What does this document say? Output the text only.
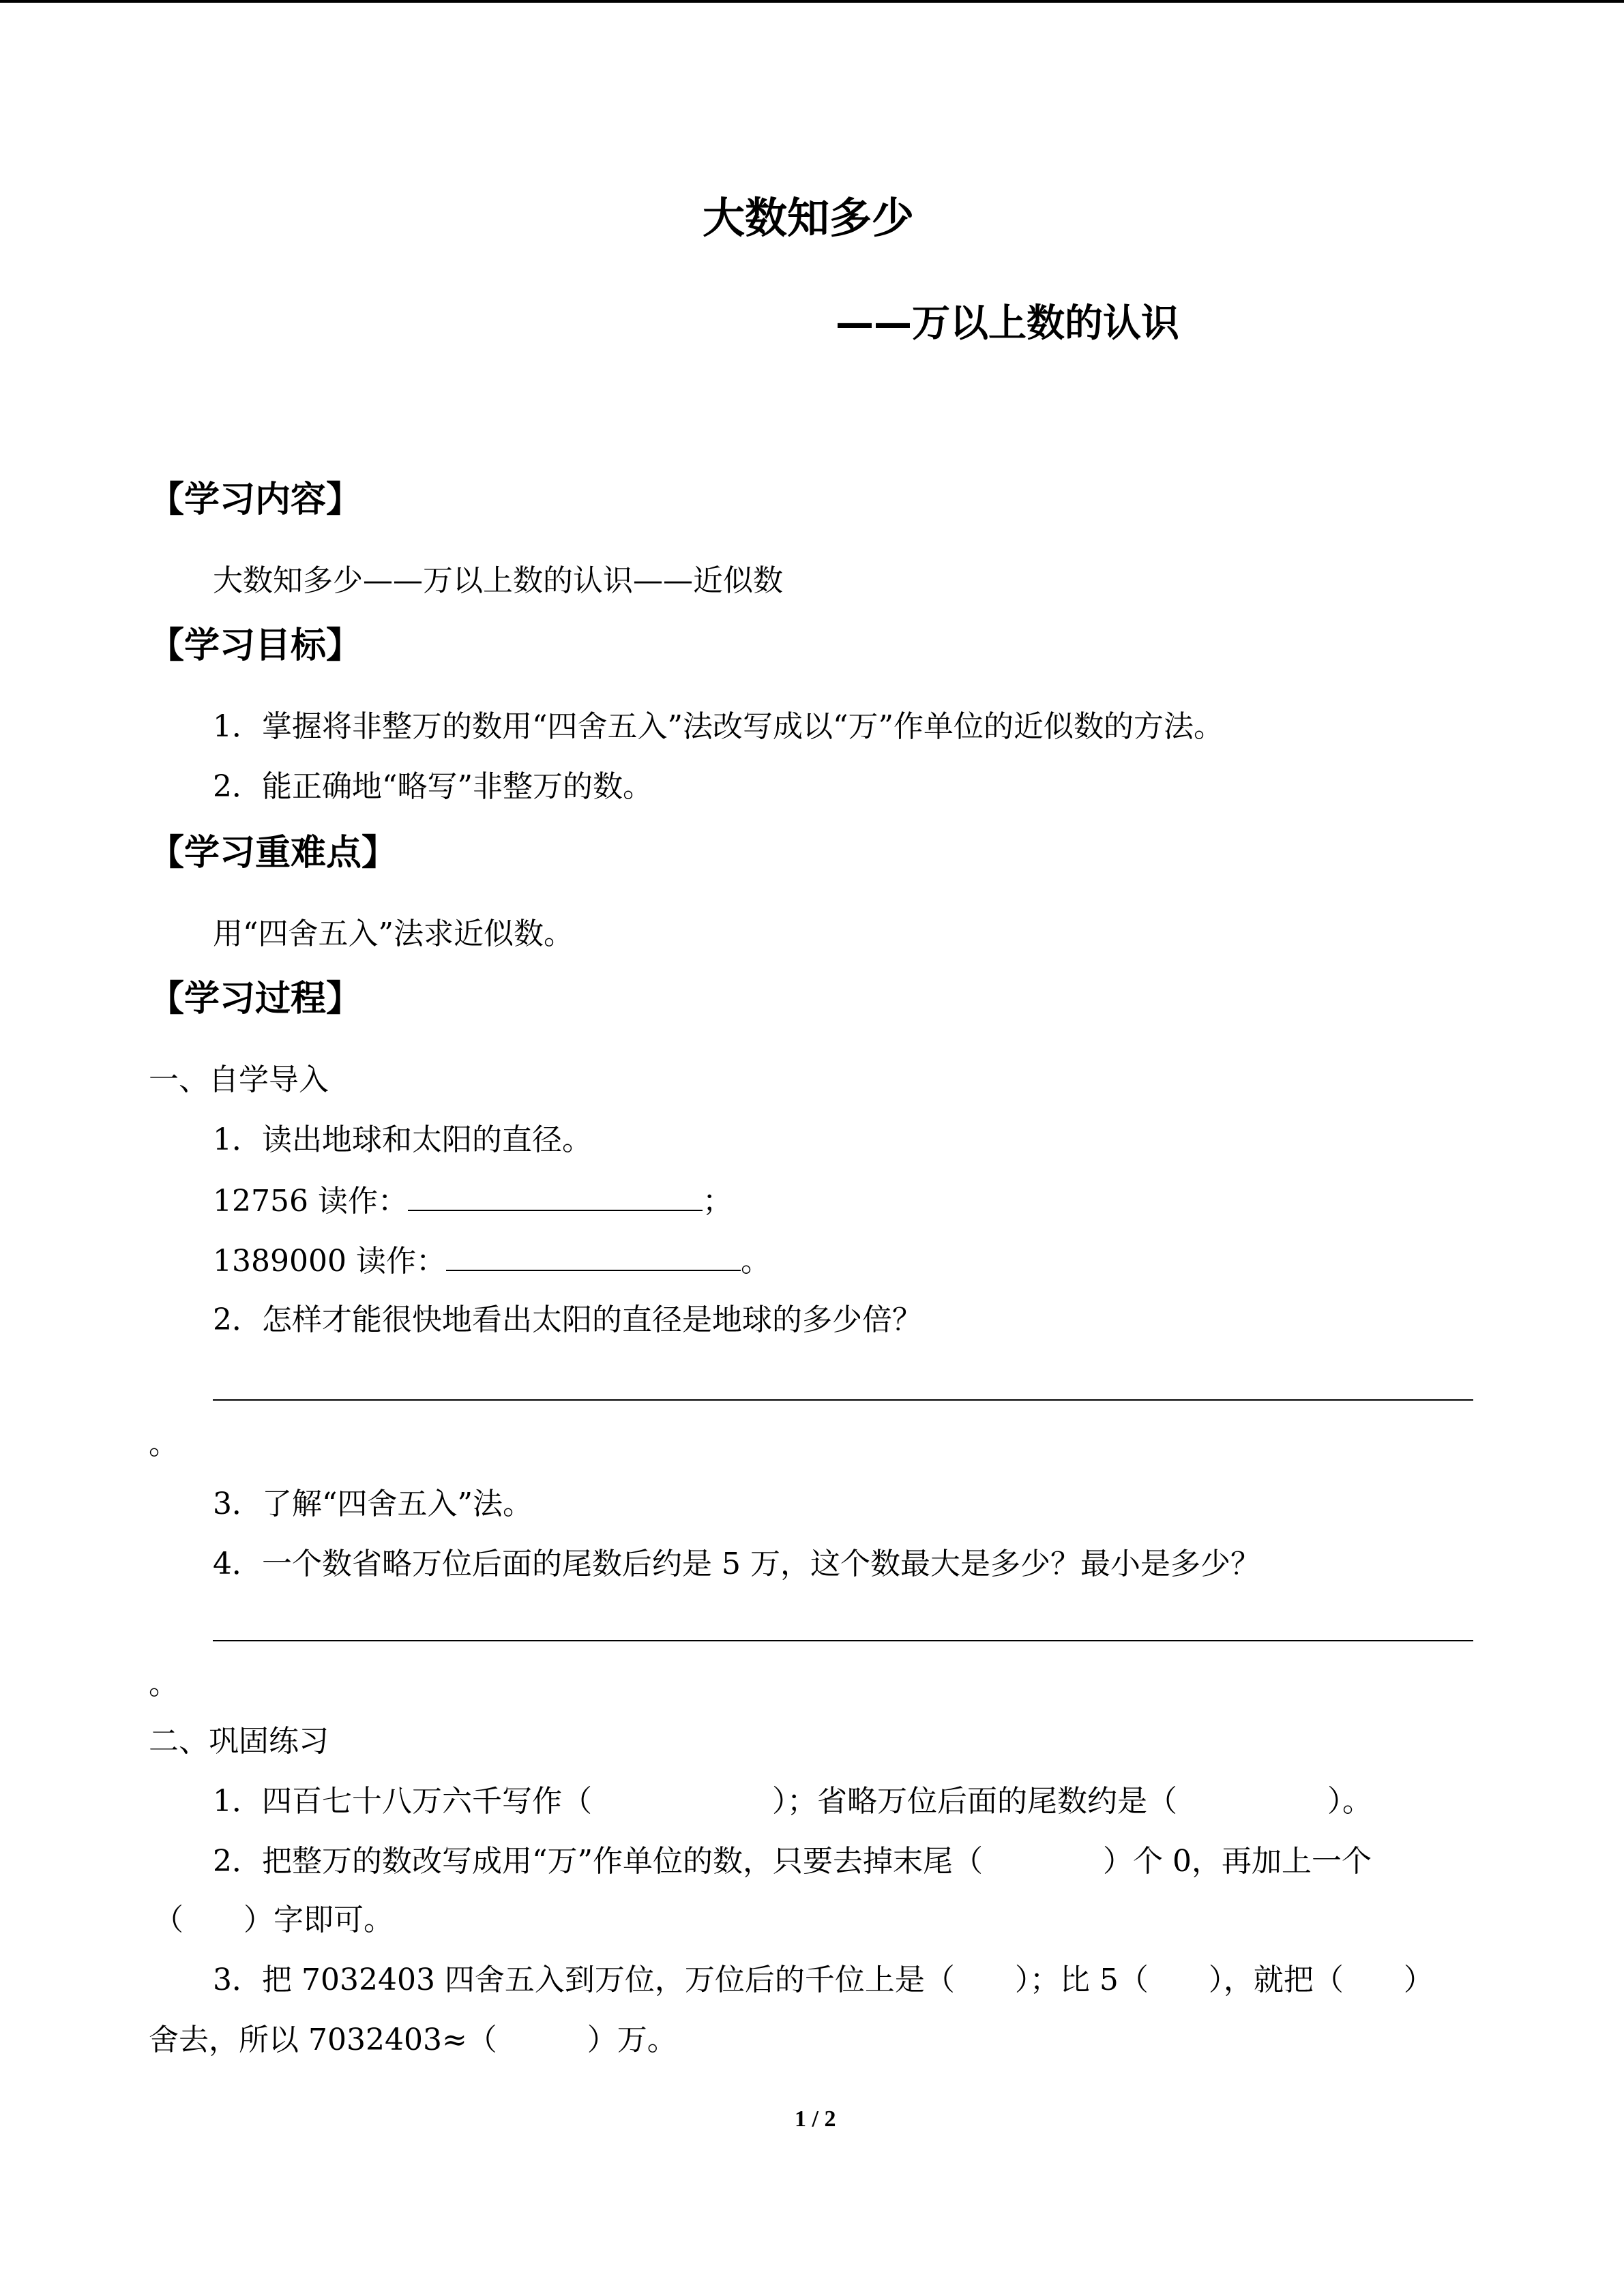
大数知多少
——万以上数的认识
【学习内容】
大数知多少——万以上数的认识——近似数
【学习目标】
1．掌握将非整万的数用“四舍五入”法改写成以“万”作单位的近似数的方法。
2．能正确地“略写”非整万的数。
【学习重难点】
用“四舍五入”法求近似数。
【学习过程】
一、自学导入
1．读出地球和太阳的直径。
12756 读作：	；
1389000 读作：	。
2．怎样才能很快地看出太阳的直径是地球的多少倍？
。
3．了解“四舍五入”法。
4．一个数省略万位后面的尾数后约是 5 万，这个数最大是多少？最小是多少？
。
二、巩固练习
1．四百七十八万六千写作（　　　　　　）；省略万位后面的尾数约是（　　　　　）。
2．把整万的数改写成用“万”作单位的数，只要去掉末尾（　　　　）个 0，再加上一个
（　　）字即可。
3．把 7032403 四舍五入到万位，万位后的千位上是（　　）；比 5（　　），就把（　　）
舍去，所以 7032403≈（　　　）万。
1 / 2
